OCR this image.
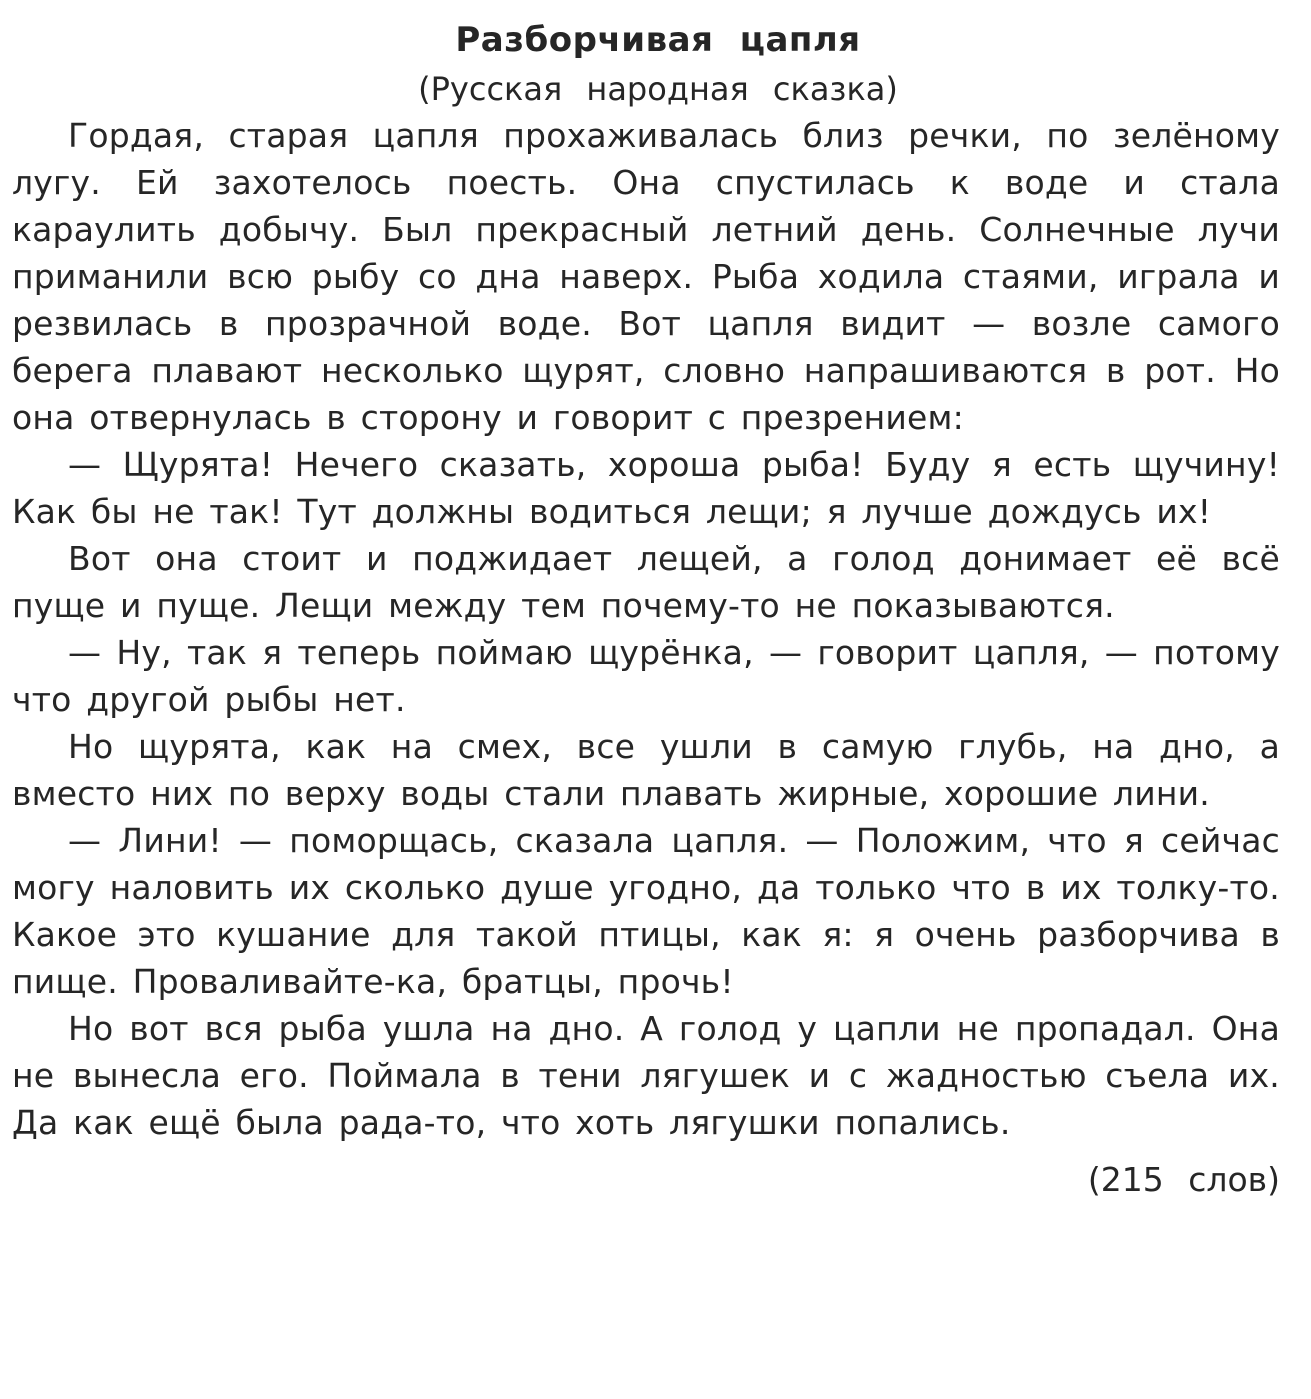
Разборчивая цапля
(Русская народная сказка)

Гордая, старая цапля прохаживалась близ речки, по зелёному лугу. Ей захотелось поесть. Она спустилась к воде и стала караулить добычу. Был прекрасный летний день. Солнечные лучи приманили всю рыбу со дна наверх. Рыба ходила стаями, играла и резвилась в прозрачной воде. Вот цапля видит — возле самого берега плавают несколько щурят, словно напрашиваются в рот. Но она отвернулась в сторону и говорит с презрением:

— Щурята! Нечего сказать, хороша рыба! Буду я есть щучину! Как бы не так! Тут должны водиться лещи; я лучше дождусь их!

Вот она стоит и поджидает лещей, а голод донимает её всё пуще и пуще. Лещи между тем почему-то не показываются.

— Ну, так я теперь поймаю щурёнка, — говорит цапля, — потому что другой рыбы нет.

Но щурята, как на смех, все ушли в самую глубь, на дно, а вместо них по верху воды стали плавать жирные, хорошие лини.

— Лини! — поморщась, сказала цапля. — Положим, что я сейчас могу наловить их сколько душе угодно, да только что в их толку-то. Какое это кушание для такой птицы, как я: я очень разборчива в пище. Проваливайте-ка, братцы, прочь!

Но вот вся рыба ушла на дно. А голод у цапли не пропадал. Она не вынесла его. Поймала в тени лягушек и с жадностью съела их. Да как ещё была рада-то, что хоть лягушки попались.

(215 слов)
